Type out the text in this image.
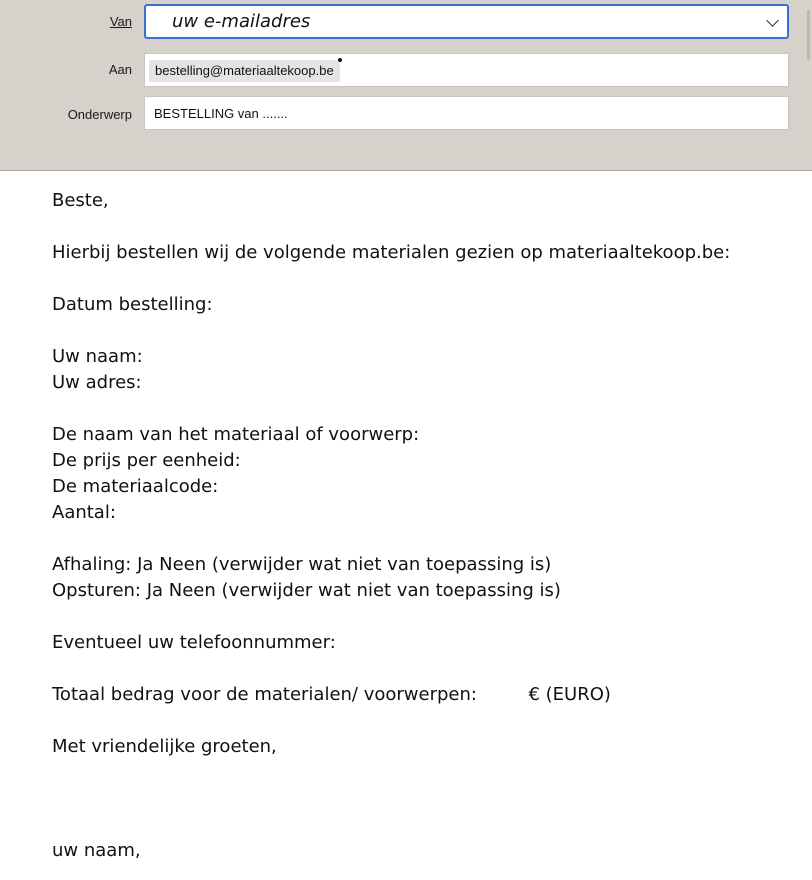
Van uw e-mailadres
Aan	bestelling@materiaaltekoop.be
Onderwerp BESTELLING van .......
Beste,
Hierbij bestellen wij de volgende materialen gezien op materiaaltekoop.be:
Datum bestelling:
Uw naam:
Uw adres:
De naam van het materiaal of voorwerp:
De prijs per eenheid:
De materiaalcode:
Aantal:
Afhaling: Ja Neen (verwijder wat niet van toepassing is)
Opsturen: Ja Neen (verwijder wat niet van toepassing is)
Eventueel uw telefoonnummer:
Totaal bedrag voor de materialen/ voorwerpen:         € (EURO)
Met vriendelijke groeten,
uw naam,
